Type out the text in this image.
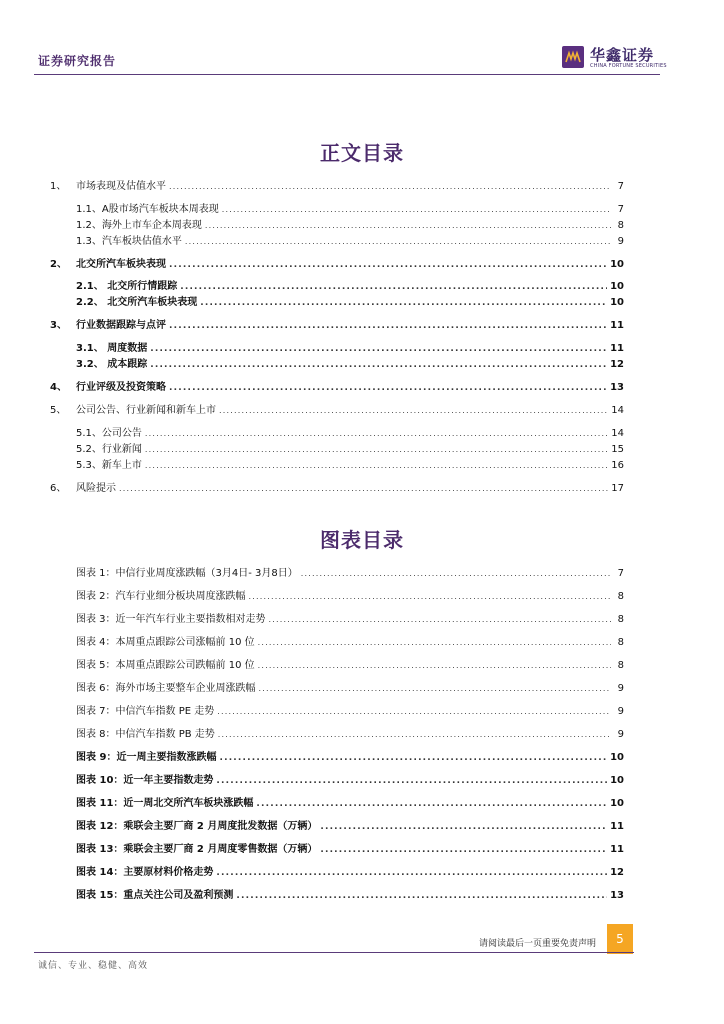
证券研究报告	华鑫证券
CHINA FORTUNE SECURITIES
正文目录
1、 市场表现及估值水平 .....	7
1.1、A股市场汽车板块本周表现 .....	7
1.2、海外上市车企本周表现 .....	8
1.3、汽车板块估值水平 .....	9
2、 北交所汽车板块表现 .....	10
2.1、 北交所行情跟踪 .....	10
2.2、 北交所汽车板块表现 .....	10
3、 行业数据跟踪与点评 .....	11
3.1、 周度数据 .....	11
3.2、 成本跟踪 .....	12
4、 行业评级及投资策略 .....	13
5、 公司公告、行业新闻和新车上市 .....	14
5.1、公司公告 .....	14
5.2、行业新闻 .....	15
5.3、新车上市 .....	16
6、 风险提示 .....	17
图表目录
图表 1：中信行业周度涨跌幅（3月4日- 3月8日） .....	7
图表 2：汽车行业细分板块周度涨跌幅 .....	8
图表 3：近一年汽车行业主要指数相对走势 .....	8
图表 4：本周重点跟踪公司涨幅前 10 位 .....	8
图表 5：本周重点跟踪公司跌幅前 10 位 .....	8
图表 6：海外市场主要整车企业周涨跌幅 .....	9
图表 7：中信汽车指数 PE 走势 .....	9
图表 8：中信汽车指数 PB 走势 .....	9
图表 9：近一周主要指数涨跌幅 .....	10
图表 10：近一年主要指数走势 .....	10
图表 11：近一周北交所汽车板块涨跌幅 .....	10
图表 12：乘联会主要厂商 2 月周度批发数据（万辆） .....	11
图表 13：乘联会主要厂商 2 月周度零售数据（万辆） .....	11
图表 14：主要原材料价格走势 .....	12
图表 15：重点关注公司及盈利预测 .....	13
请阅读最后一页重要免责声明	5
诚信、专业、稳健、高效
